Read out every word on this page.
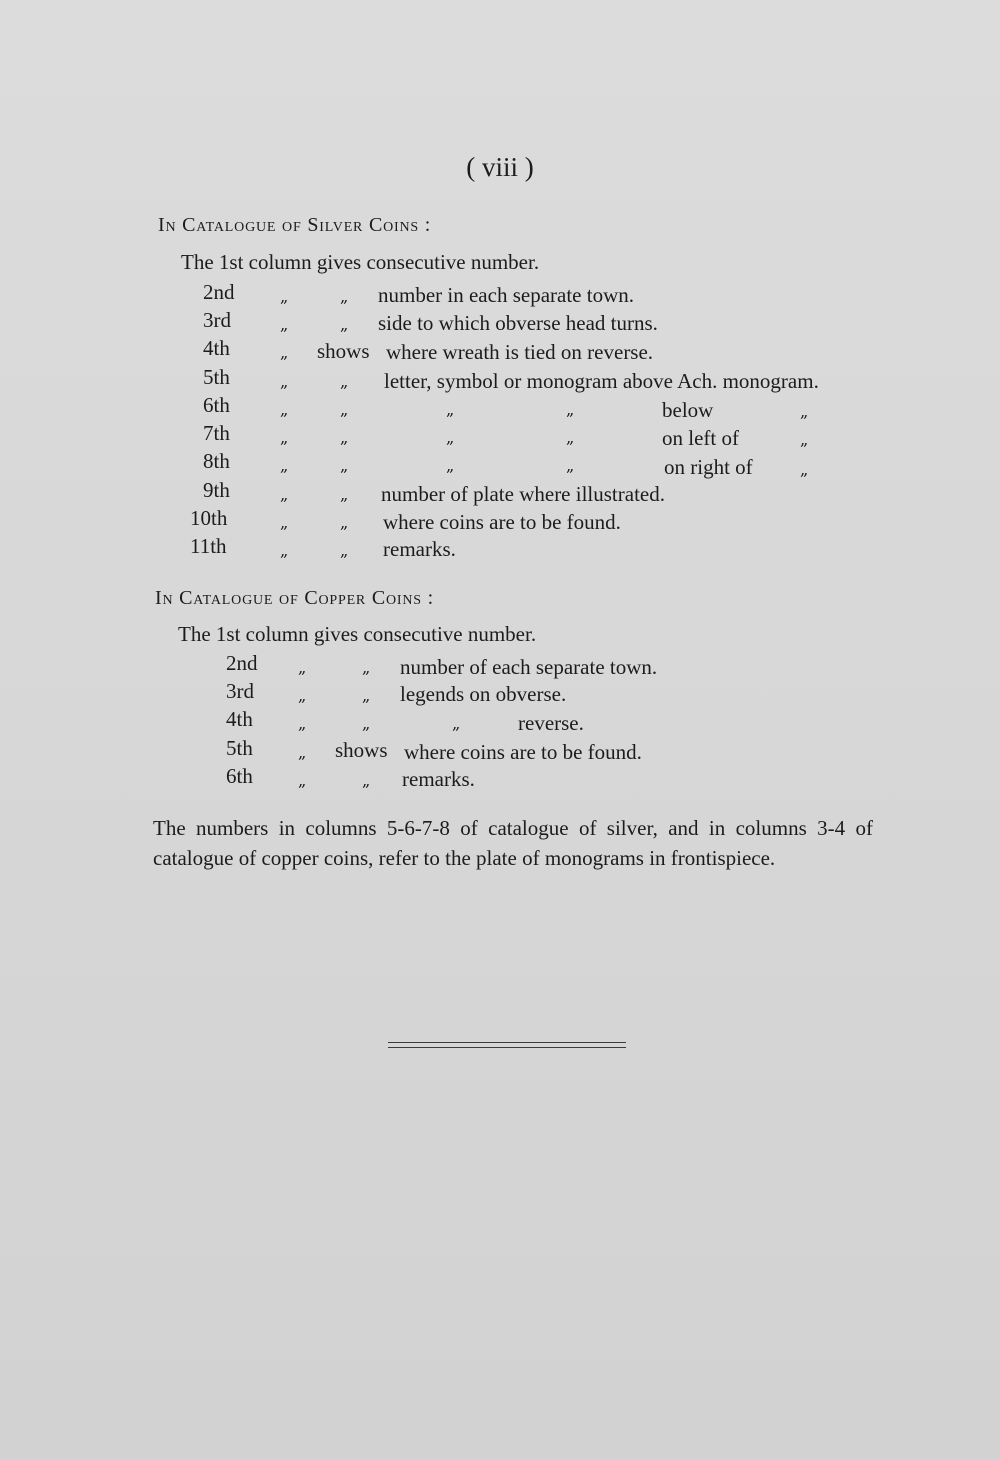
( viii )
In Catalogue of Silver Coins :
The 1st column gives consecutive number.
2nd	„	„ number in each separate town.
3rd	„	„ side to which obverse head turns.
4th	„ shows where wreath is tied on reverse.
5th	„	„ letter, symbol or monogram above Ach. monogram.
6th	„	„	„	„	below	„
7th	„	„	„	„	on left of	„
8th	„	„	„	„	on right of	„
9th	„	„ number of plate where illustrated.
10th	„	„ where coins are to be found.
11th	„	„ remarks.
In Catalogue of Copper Coins :
The 1st column gives consecutive number.
2nd	„	„ number of each separate town.
3rd	„	„ legends on obverse.
4th	„	„	„	reverse.
5th	„ shows where coins are to be found.
6th	„	„ remarks.
The numbers in columns 5-6-7-8 of catalogue of silver, and in columns 3-4 of catalogue of copper coins, refer to the plate of monograms in frontispiece.
